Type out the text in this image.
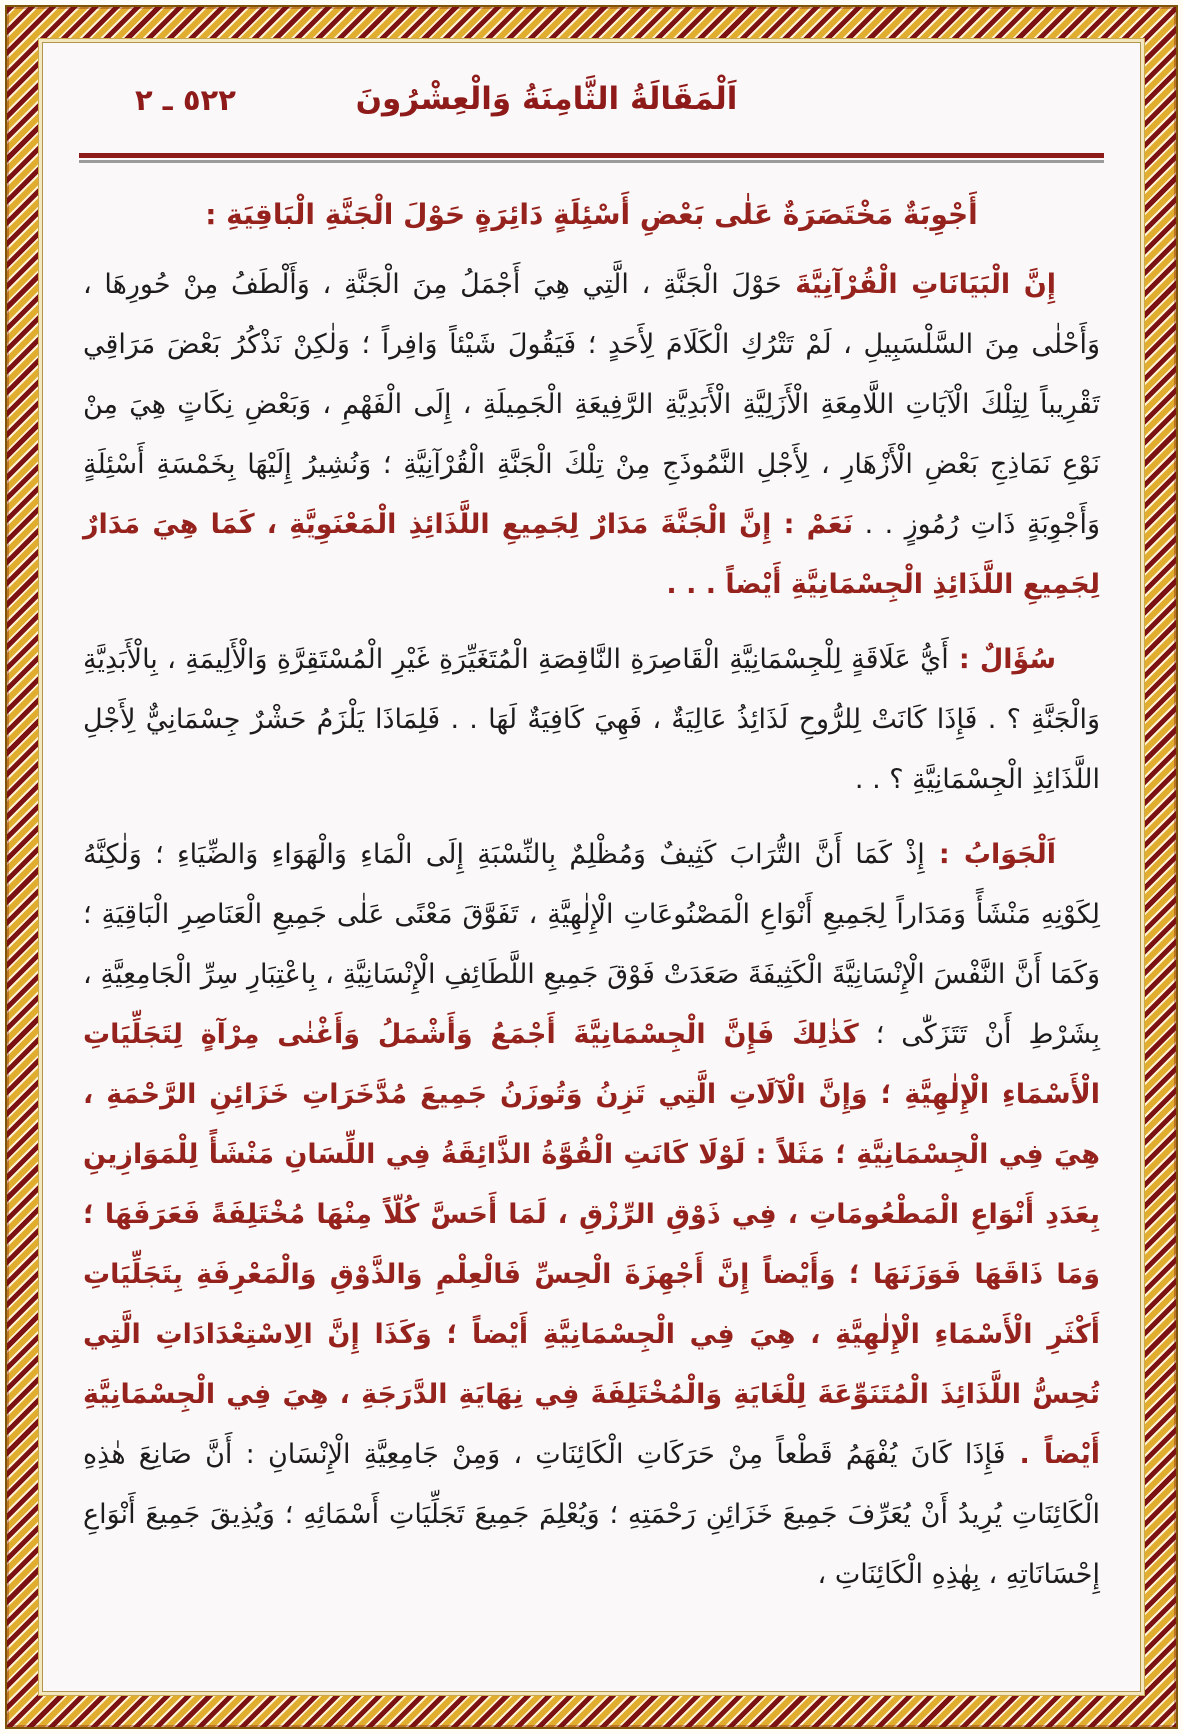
٥٢٢ ـ ٢	اَلْمَقَالَةُ الثَّامِنَةُ وَالْعِشْرُونَ

أَجْوِبَةٌ مَخْتَصَرَةٌ عَلٰى بَعْضِ أَسْئِلَةٍ دَائِرَةٍ حَوْلَ الْجَنَّةِ الْبَاقِيَةِ :

إِنَّ الْبَيَانَاتِ الْقُرْآنِيَّةَ حَوْلَ الْجَنَّةِ ، الَّتِي هِيَ أَجْمَلُ مِنَ الْجَنَّةِ ، وَأَلْطَفُ مِنْ حُورِهَا ، وَأَحْلٰى مِنَ السَّلْسَبِيلِ ، لَمْ تَتْرُكِ الْكَلَامَ لِأَحَدٍ ؛ فَيَقُولَ شَيْئاً وَافِراً ؛ وَلٰكِنْ نَذْكُرُ بَعْضَ مَرَاقِي تَقْرِيباً لِتِلْكَ الْآيَاتِ اللَّامِعَةِ الْأَزَلِيَّةِ الْأَبَدِيَّةِ الرَّفِيعَةِ الْجَمِيلَةِ ، إِلَى الْفَهْمِ ، وَبَعْضِ نِكَاتٍ هِيَ مِنْ نَوْعِ نَمَاذِجِ بَعْضِ الْأَزْهَارِ ، لِأَجْلِ النَّمُوذَجِ مِنْ تِلْكَ الْجَنَّةِ الْقُرْآنِيَّةِ ؛ وَنُشِيرُ إِلَيْهَا بِخَمْسَةِ أَسْئِلَةٍ وَأَجْوِبَةٍ ذَاتِ رُمُوزٍ . . نَعَمْ : إِنَّ الْجَنَّةَ مَدَارٌ لِجَمِيعِ اللَّذَائِذِ الْمَعْنَوِيَّةِ ، كَمَا هِيَ مَدَارٌ لِجَمِيعِ اللَّذَائِذِ الْجِسْمَانِيَّةِ أَيْضاً . . .

سُؤَالٌ : أَيُّ عَلَاقَةٍ لِلْجِسْمَانِيَّةِ الْقَاصِرَةِ النَّاقِصَةِ الْمُتَغَيِّرَةِ غَيْرِ الْمُسْتَقِرَّةِ وَالْأَلِيمَةِ ، بِالْأَبَدِيَّةِ وَالْجَنَّةِ ؟ . فَإِذَا كَانَتْ لِلرُّوحِ لَذَائِذُ عَالِيَةٌ ، فَهِيَ كَافِيَةٌ لَهَا . . فَلِمَاذَا يَلْزَمُ حَشْرٌ جِسْمَانِيٌّ لِأَجْلِ اللَّذَائِذِ الْجِسْمَانِيَّةِ ؟ . .

اَلْجَوَابُ : إِذْ كَمَا أَنَّ التُّرَابَ كَثِيفٌ وَمُظْلِمٌ بِالنِّسْبَةِ إِلَى الْمَاءِ وَالْهَوَاءِ وَالضِّيَاءِ ؛ وَلٰكِنَّهُ لِكَوْنِهِ مَنْشَأً وَمَدَاراً لِجَمِيعِ أَنْوَاعِ الْمَصْنُوعَاتِ الْإِلٰهِيَّةِ ، تَفَوَّقَ مَعْنًى عَلٰى جَمِيعِ الْعَنَاصِرِ الْبَاقِيَةِ ؛ وَكَمَا أَنَّ النَّفْسَ الْإِنْسَانِيَّةَ الْكَثِيفَةَ صَعَدَتْ فَوْقَ جَمِيعِ اللَّطَائِفِ الْإِنْسَانِيَّةِ ، بِاعْتِبَارِ سِرِّ الْجَامِعِيَّةِ ، بِشَرْطِ أَنْ تَتَزَكّٰى ؛ كَذٰلِكَ فَإِنَّ الْجِسْمَانِيَّةَ أَجْمَعُ وَأَشْمَلُ وَأَغْنٰى مِرْآةٍ لِتَجَلِّيَاتِ الْأَسْمَاءِ الْإِلٰهِيَّةِ ؛ وَإِنَّ الْآلَاتِ الَّتِي تَزِنُ وَتُوزَنُ جَمِيعَ مُدَّخَرَاتِ خَزَائِنِ الرَّحْمَةِ ، هِيَ فِي الْجِسْمَانِيَّةِ ؛ مَثَلاً : لَوْلَا كَانَتِ الْقُوَّةُ الذَّائِقَةُ فِي اللِّسَانِ مَنْشَأً لِلْمَوَازِينِ بِعَدَدِ أَنْوَاعِ الْمَطْعُومَاتِ ، فِي ذَوْقِ الرِّزْقِ ، لَمَا أَحَسَّ كُلّاً مِنْهَا مُخْتَلِفَةً فَعَرَفَهَا ؛ وَمَا ذَاقَهَا فَوَزَنَهَا ؛ وَأَيْضاً إِنَّ أَجْهِزَةَ الْحِسِّ فَالْعِلْمِ وَالذَّوْقِ وَالْمَعْرِفَةِ بِتَجَلِّيَاتِ أَكْثَرِ الْأَسْمَاءِ الْإِلٰهِيَّةِ ، هِيَ فِي الْجِسْمَانِيَّةِ أَيْضاً ؛ وَكَذَا إِنَّ الِاسْتِعْدَادَاتِ الَّتِي تُحِسُّ اللَّذَائِذَ الْمُتَنَوِّعَةَ لِلْغَايَةِ وَالْمُخْتَلِفَةَ فِي نِهَايَةِ الدَّرَجَةِ ، هِيَ فِي الْجِسْمَانِيَّةِ أَيْضاً . فَإِذَا كَانَ يُفْهَمُ قَطْعاً مِنْ حَرَكَاتِ الْكَائِنَاتِ ، وَمِنْ جَامِعِيَّةِ الْإِنْسَانِ : أَنَّ صَانِعَ هٰذِهِ الْكَائِنَاتِ يُرِيدُ أَنْ يُعَرِّفَ جَمِيعَ خَزَائِنِ رَحْمَتِهِ ؛ وَيُعْلِمَ جَمِيعَ تَجَلِّيَاتِ أَسْمَائِهِ ؛ وَيُذِيقَ جَمِيعَ أَنْوَاعِ إِحْسَانَاتِهِ ، بِهٰذِهِ الْكَائِنَاتِ ،
